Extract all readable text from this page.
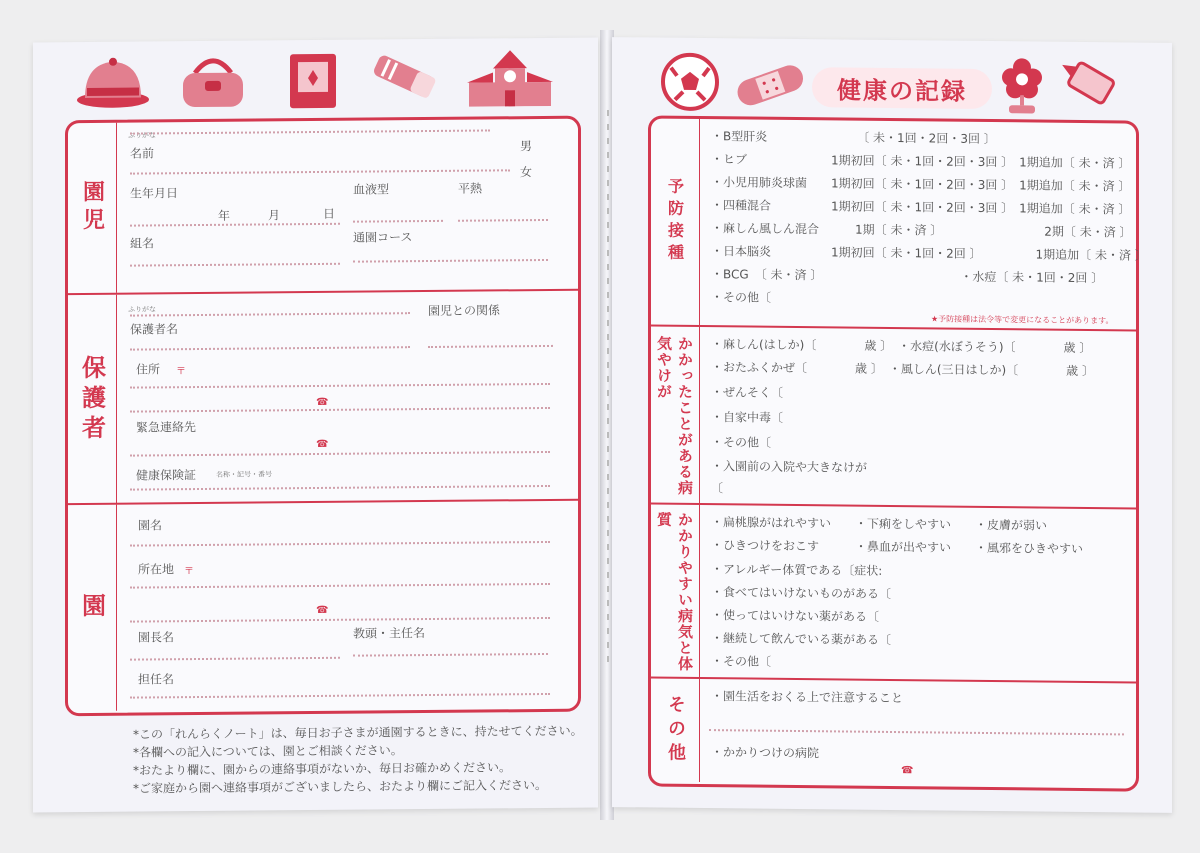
園児
ふりがな
名前
男
女
生年月日	血液型	平熱
年	月	日
組名	通園コース
保護者
ふりがな	園児との関係
保護者名
住所 〒
☎
緊急連絡先
☎
健康保険証	名称・記号・番号
園
園名
所在地 〒
☎
園長名	教頭・主任名
担任名
*この「れんらくノート」は、毎日お子さまが通園するときに、持たせてください。
*各欄への記入については、園とご相談ください。
*おたより欄に、園からの連絡事項がないか、毎日お確かめください。
*ご家庭から園へ連絡事項がございましたら、おたより欄にご記入ください。
健康の記録
予防接種
・B型肝炎　　　　　　　　〔 未・1回・2回・3回 〕
・ヒブ　　　　　　　1期初回〔 未・1回・2回・3回 〕　1期追加〔 未・済 〕
・小児用肺炎球菌　　1期初回〔 未・1回・2回・3回 〕　1期追加〔 未・済 〕
・四種混合　　　　　1期初回〔 未・1回・2回・3回 〕　1期追加〔 未・済 〕
・麻しん風しん混合　　　1期〔 未・済 〕　　　　　　　　　2期〔 未・済 〕
・日本脳炎　　　　　1期初回〔 未・1回・2回 〕　　　　　1期追加〔 未・済 〕
・BCG　〔 未・済 〕　　　　　　　　　　　　・水痘〔 未・1回・2回 〕
・その他〔
★予防接種は法令等で変更になることがあります。
かかったことがある病気やけが	・麻しん(はしか)〔　　　　歳 〕　・水痘(水ぼうそう)〔　　　　歳 〕
・おたふくかぜ〔　　　　歳 〕　・風しん(三日はしか)〔　　　　歳 〕
・ぜんそく〔
・自家中毒〔
・その他〔
・入園前の入院や大きなけが
〔
かかりやすい病気と体質	・扁桃腺がはれやすい　　・下痢をしやすい　　・皮膚が弱い
・ひきつけをおこす　　　・鼻血が出やすい　　・風邪をひきやすい
・アレルギー体質である〔症状:
・食べてはいけないものがある〔
・使ってはいけない薬がある〔
・継続して飲んでいる薬がある〔
・その他〔
その他 ・園生活をおくる上で注意すること
・かかりつけの病院
☎
